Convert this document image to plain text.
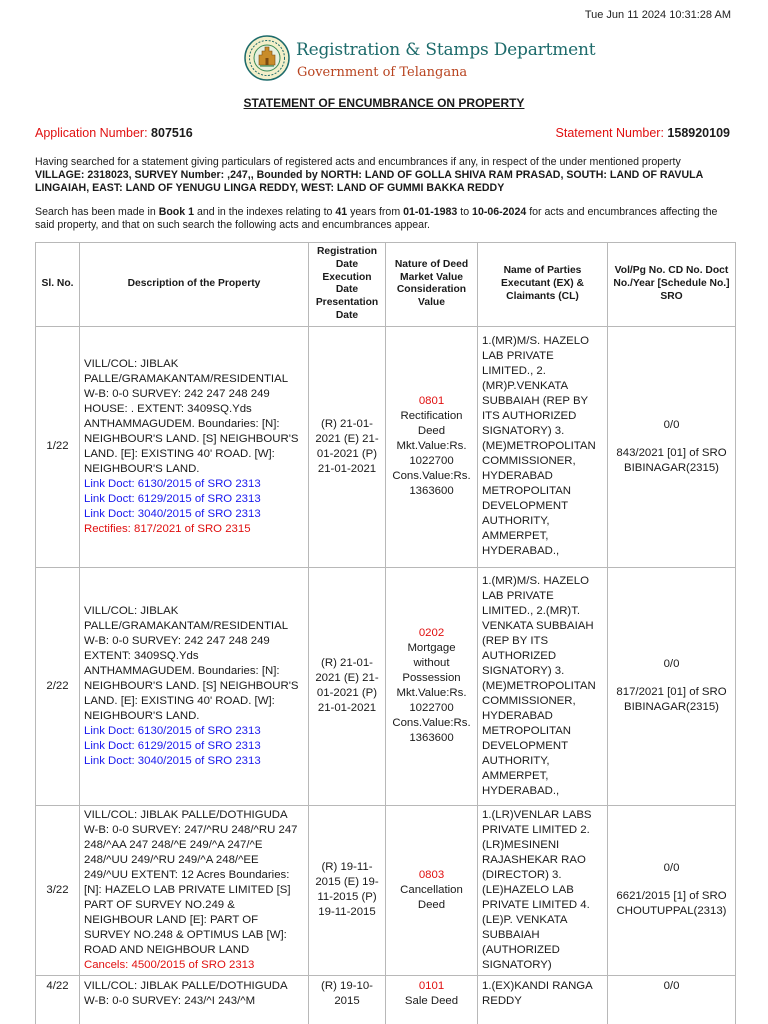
Tue Jun 11 2024 10:31:28 AM
Registration & Stamps Department
Government of Telangana
STATEMENT OF ENCUMBRANCE ON PROPERTY
Application Number: 807516	Statement Number: 158920109
Having searched for a statement giving particulars of registered acts and encumbrances if any, in respect of the under mentioned property
VILLAGE: 2318023, SURVEY Number: ,247,, Bounded by NORTH: LAND OF GOLLA SHIVA RAM PRASAD, SOUTH: LAND OF RAVULA LINGAIAH, EAST: LAND OF YENUGU LINGA REDDY, WEST: LAND OF GUMMI BAKKA REDDY
Search has been made in Book 1 and in the indexes relating to 41 years from 01-01-1983 to 10-06-2024 for acts and encumbrances affecting the said property, and that on such search the following acts and encumbrances appear.
Sl. No.	Description of the Property	Registration Date Execution Date Presentation Date	Nature of Deed Market Value Consideration Value	Name of Parties Executant (EX) & Claimants (CL)	Vol/Pg No. CD No. Doct No./Year [Schedule No.] SRO
1/22	VILL/COL: JIBLAK PALLE/GRAMAKANTAM/RESIDENTIAL W-B: 0-0 SURVEY: 242 247 248 249 HOUSE: . EXTENT: 3409SQ.Yds ANTHAMMAGUDEM. Boundaries: [N]: NEIGHBOUR'S LAND. [S] NEIGHBOUR'S LAND. [E]: EXISTING 40' ROAD. [W]: NEIGHBOUR'S LAND.
Link Doct: 6130/2015 of SRO 2313
Link Doct: 6129/2015 of SRO 2313
Link Doct: 3040/2015 of SRO 2313
Rectifies: 817/2021 of SRO 2315	(R) 21-01-2021 (E) 21-01-2021 (P) 21-01-2021	0801
Rectification Deed Mkt.Value:Rs. 1022700 Cons.Value:Rs. 1363600	1.(MR)M/S. HAZELO LAB PRIVATE LIMITED., 2.(MR)P.VENKATA SUBBAIAH (REP BY ITS AUTHORIZED SIGNATORY) 3.(ME)METROPOLITAN COMMISSIONER, HYDERABAD METROPOLITAN DEVELOPMENT AUTHORITY, AMMERPET, HYDERABAD.,	0/0
843/2021 [01] of SRO BIBINAGAR(2315)
2/22	VILL/COL: JIBLAK PALLE/GRAMAKANTAM/RESIDENTIAL W-B: 0-0 SURVEY: 242 247 248 249 EXTENT: 3409SQ.Yds ANTHAMMAGUDEM. Boundaries: [N]: NEIGHBOUR'S LAND. [S] NEIGHBOUR'S LAND. [E]: EXISTING 40' ROAD. [W]: NEIGHBOUR'S LAND.
Link Doct: 6130/2015 of SRO 2313
Link Doct: 6129/2015 of SRO 2313
Link Doct: 3040/2015 of SRO 2313	(R) 21-01-2021 (E) 21-01-2021 (P) 21-01-2021	0202
Mortgage without Possession Mkt.Value:Rs. 1022700 Cons.Value:Rs. 1363600	1.(MR)M/S. HAZELO LAB PRIVATE LIMITED., 2.(MR)T. VENKATA SUBBAIAH (REP BY ITS AUTHORIZED SIGNATORY) 3.(ME)METROPOLITAN COMMISSIONER, HYDERABAD METROPOLITAN DEVELOPMENT AUTHORITY, AMMERPET, HYDERABAD.,	0/0
817/2021 [01] of SRO BIBINAGAR(2315)
3/22	VILL/COL: JIBLAK PALLE/DOTHIGUDA W-B: 0-0 SURVEY: 247/^RU 248/^RU 247 248/^AA 247 248/^E 249/^A 247/^E 248/^UU 249/^RU 249/^A 248/^EE 249/^UU EXTENT: 12 Acres Boundaries: [N]: HAZELO LAB PRIVATE LIMITED [S] PART OF SURVEY NO.249 & NEIGHBOUR LAND [E]: PART OF SURVEY NO.248 & OPTIMUS LAB [W]: ROAD AND NEIGHBOUR LAND
Cancels: 4500/2015 of SRO 2313	(R) 19-11-2015 (E) 19-11-2015 (P) 19-11-2015	0803
Cancellation Deed	1.(LR)VENLAR LABS PRIVATE LIMITED 2.(LR)MESINENI RAJASHEKAR RAO (DIRECTOR) 3.(LE)HAZELO LAB PRIVATE LIMITED 4.(LE)P. VENKATA SUBBAIAH (AUTHORIZED SIGNATORY)	0/0
6621/2015 [1] of SRO CHOUTUPPAL(2313)
4/22	VILL/COL: JIBLAK PALLE/DOTHIGUDA W-B: 0-0 SURVEY: 243/^I 243/^M	(R) 19-10-2015	0101
Sale Deed	1.(EX)KANDI RANGA REDDY	0/0
